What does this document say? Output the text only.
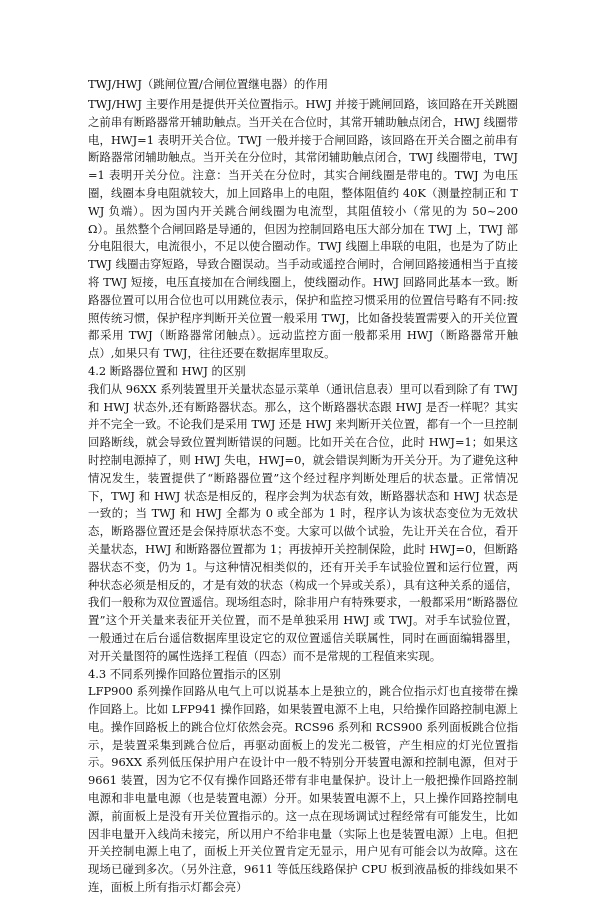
TWJ/HWJ（跳闸位置/合闸位置继电器）的作用

TWJ/HWJ 主要作用是提供开关位置指示。HWJ 并接于跳闸回路，该回路在开关跳圈之前串有断路器常开辅助触点。当开关在合位时，其常开辅助触点闭合，HWJ 线圈带电，HWJ=1 表明开关合位。TWJ 一般并接于合闸回路，该回路在开关合圈之前串有断路器常闭辅助触点。当开关在分位时，其常闭辅助触点闭合，TWJ 线圈带电，TWJ=1 表明开关分位。注意：当开关在分位时，其实合闸线圈是带电的。TWJ 为电压圈，线圈本身电阻就较大，加上回路串上的电阻，整体阻值约 40K（测量控制正和 TWJ 负端）。因为国内开关跳合闸线圈为电流型，其阻值较小（常见的为 50~200Ω）。虽然整个合闸回路是导通的，但因为控制回路电压大部分加在 TWJ 上，TWJ 部分电阻很大，电流很小，不足以使合圈动作。TWJ 线圈上串联的电阻，也是为了防止 TWJ 线圈击穿短路，导致合圈误动。当手动或遥控合闸时，合闸回路接通相当于直接将 TWJ 短接，电压直接加在合闸线圈上，使线圈动作。HWJ 回路同此基本一致。断路器位置可以用合位也可以用跳位表示，保护和监控习惯采用的位置信号略有不同:按照传统习惯，保护程序判断开关位置一般采用 TWJ，比如备投装置需要入的开关位置都采用 TWJ（断路器常闭触点）。远动监控方面一般都采用 HWJ（断路器常开触点）,如果只有 TWJ，往往还要在数据库里取反。

4.2 断路器位置和 HWJ 的区别

我们从 96XX 系列装置里开关量状态显示菜单（通讯信息表）里可以看到除了有 TWJ 和 HWJ 状态外,还有断路器状态。那么，这个断路器状态跟 HWJ 是否一样呢？其实并不完全一致。不论我们是采用 TWJ 还是 HWJ 来判断开关位置，都有一个一旦控制回路断线，就会导致位置判断错误的问题。比如开关在合位，此时 HWJ=1；如果这时控制电源掉了，则 HWJ 失电，HWJ=0，就会错误判断为开关分开。为了避免这种情况发生，装置提供了“断路器位置”这个经过程序判断处理后的状态量。正常情况下，TWJ 和 HWJ 状态是相反的，程序会判为状态有效，断路器状态和 HWJ 状态是一致的；当 TWJ 和 HWJ 全都为 0 或全部为 1 时，程序认为该状态变位为无效状态，断路器位置还是会保持原状态不变。大家可以做个试验，先让开关在合位，看开关量状态，HWJ 和断路器位置都为 1；再拔掉开关控制保险，此时 HWJ=0，但断路器状态不变，仍为 1。与这种情况相类似的，还有开关手车试验位置和运行位置，两种状态必须是相反的，才是有效的状态（构成一个异或关系），具有这种关系的遥信，我们一般称为双位置遥信。现场组态时，除非用户有特殊要求，一般都采用“断路器位置”这个开关量来表征开关位置，而不是单独采用 HWJ 或 TWJ。对手车试验位置，一般通过在后台遥信数据库里设定它的双位置遥信关联属性，同时在画面编辑器里，对开关量图符的属性选择工程值（四态）而不是常规的工程值来实现。

4.3 不同系列操作回路位置指示的区别

LFP900 系列操作回路从电气上可以说基本上是独立的，跳合位指示灯也直接带在操作回路上。比如 LFP941 操作回路，如果装置电源不上电，只给操作回路控制电源上电。操作回路板上的跳合位灯依然会亮。RCS96 系列和 RCS900 系列面板跳合位指示，是装置采集到跳合位后，再驱动面板上的发光二极管，产生相应的灯光位置指示。96XX 系列低压保护用户在设计中一般不特别分开装置电源和控制电源，但对于 9661 装置，因为它不仅有操作回路还带有非电量保护。设计上一般把操作回路控制电源和非电量电源（也是装置电源）分开。如果装置电源不上，只上操作回路控制电源，前面板上是没有开关位置指示的。这一点在现场调试过程经常有可能发生，比如因非电量开入线尚未接完，所以用户不给非电量（实际上也是装置电源）上电。但把开关控制电源上电了，面板上开关位置肯定无显示，用户见有可能会以为故障。这在现场已碰到多次。（另外注意，9611 等低压线路保护 CPU 板到液晶板的排线如果不连，面板上所有指示灯都会亮）
